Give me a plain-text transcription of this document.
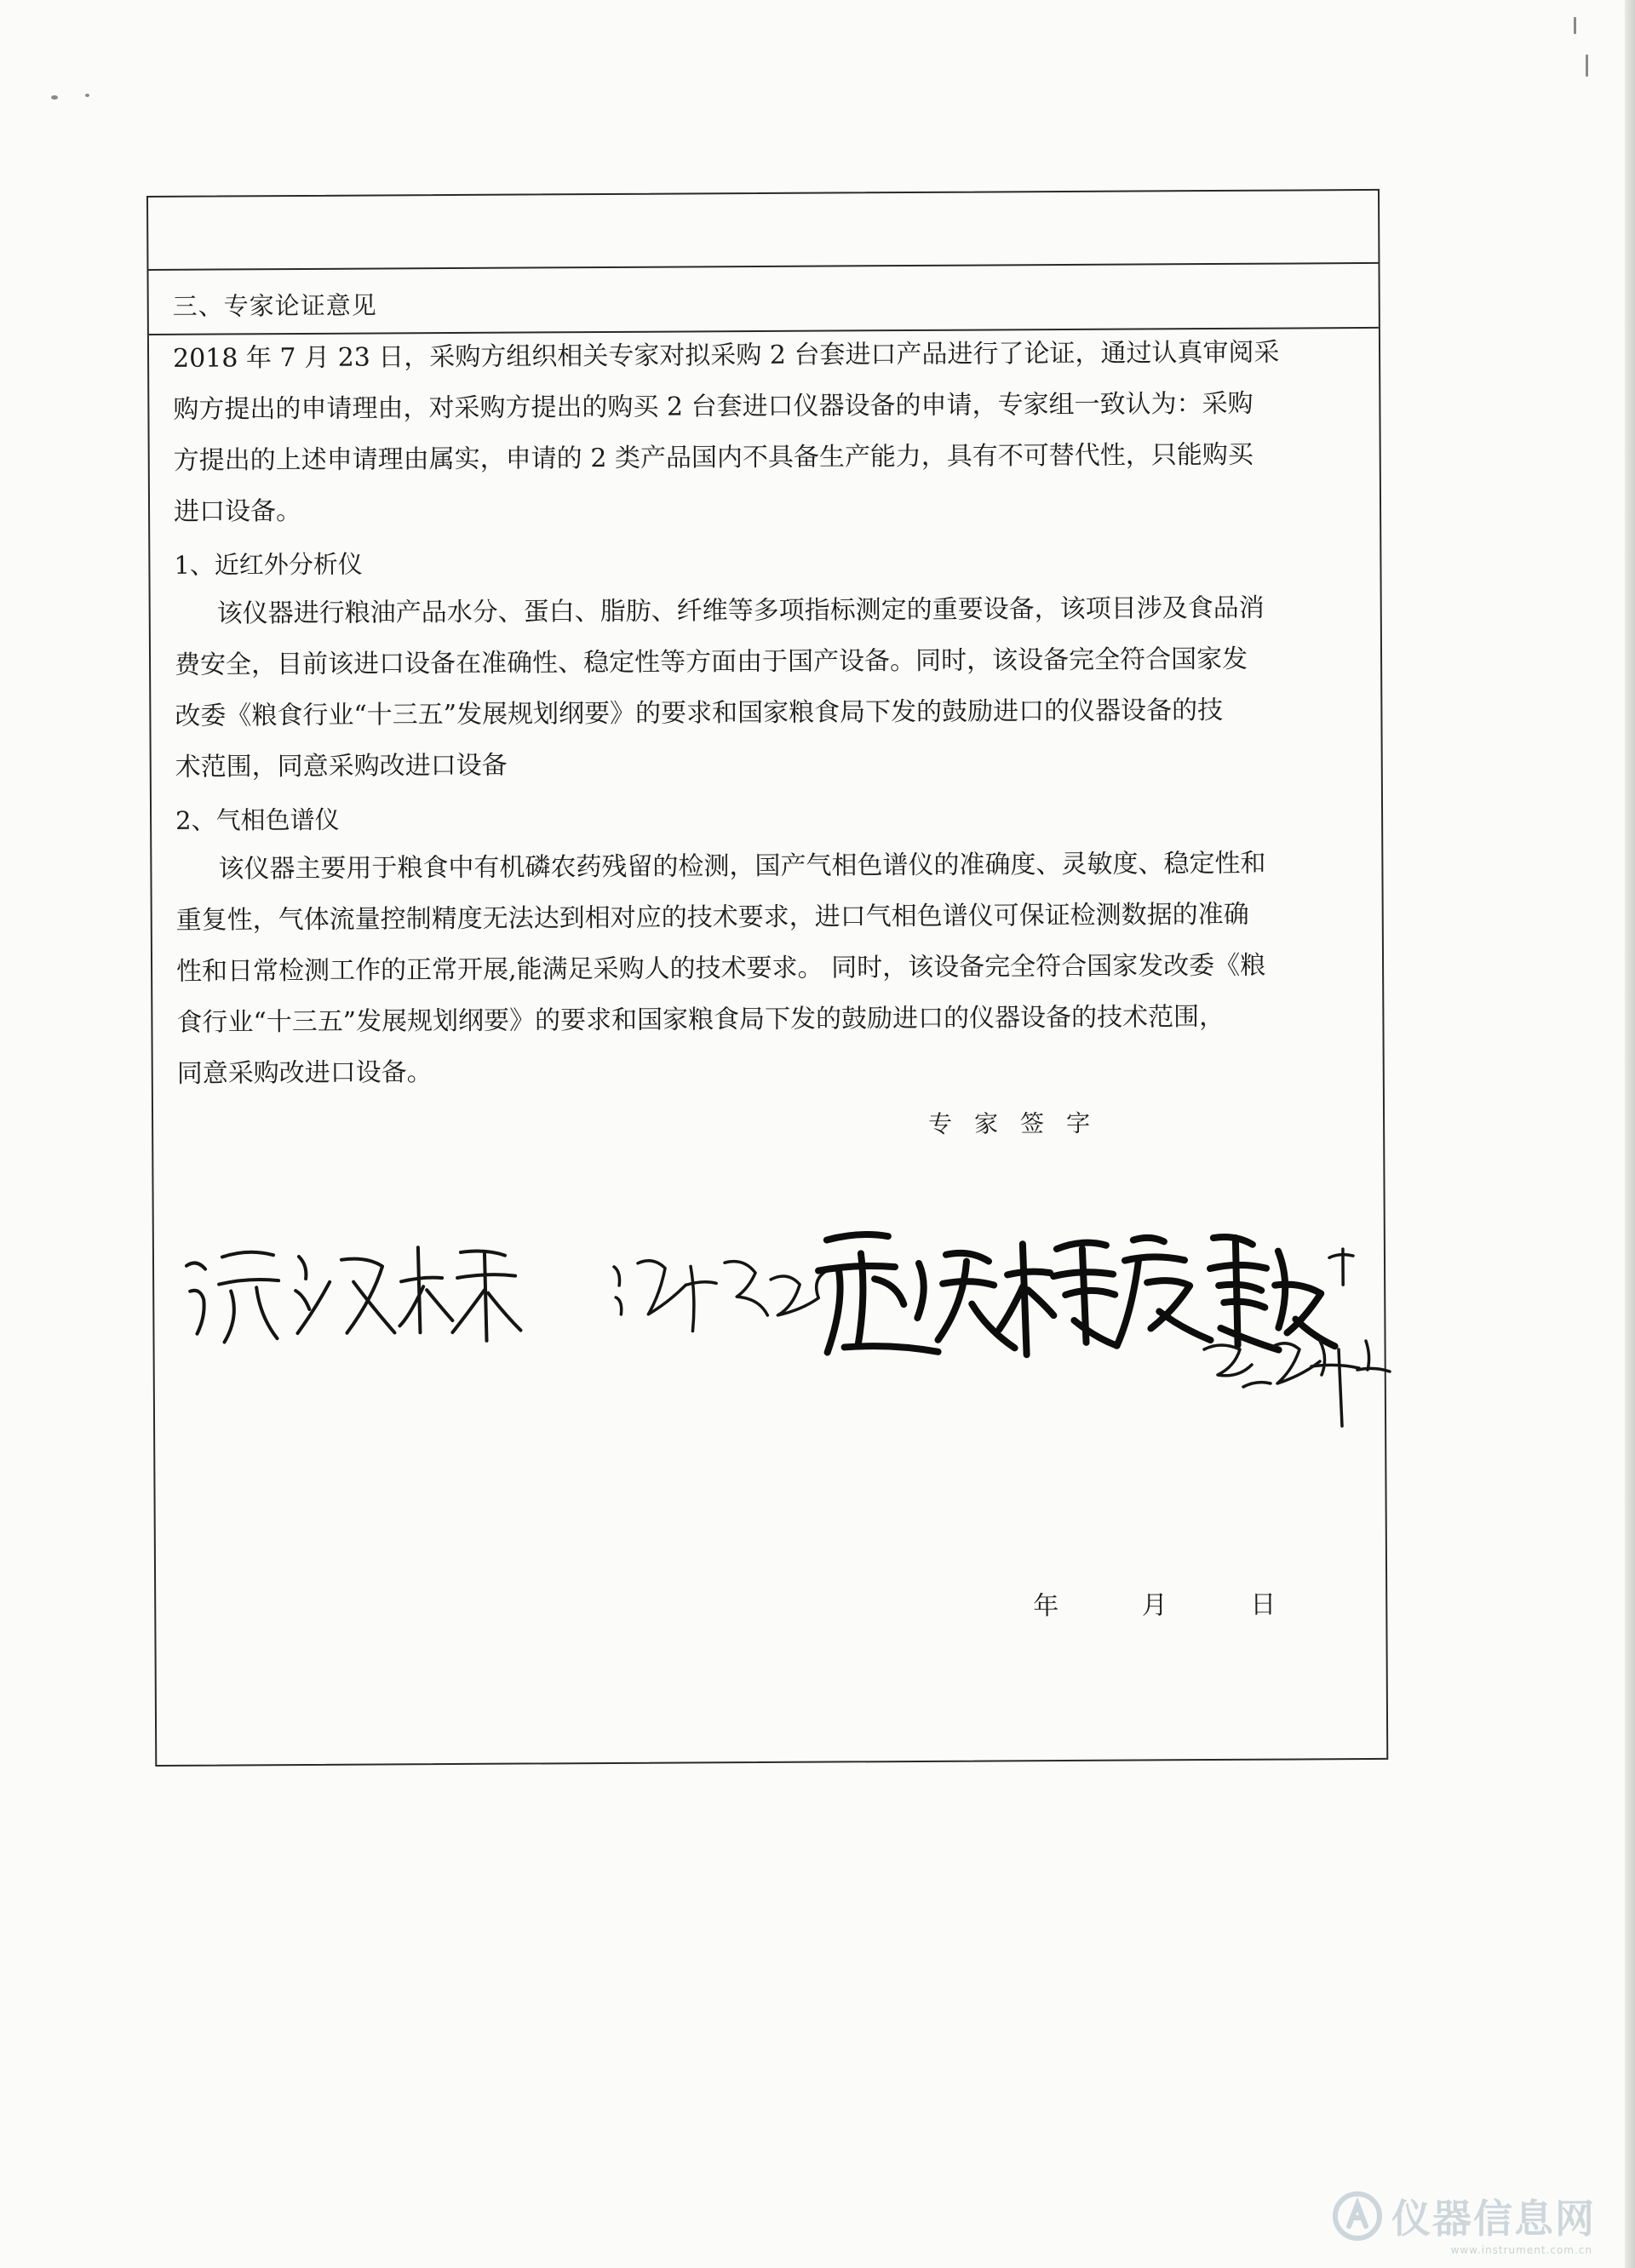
三、专家论证意见

2018 年 7 月 23 日，采购方组织相关专家对拟采购 2 台套进口产品进行了论证，通过认真审阅采
购方提出的申请理由，对采购方提出的购买 2 台套进口仪器设备的申请，专家组一致认为：采购
方提出的上述申请理由属实，申请的 2 类产品国内不具备生产能力，具有不可替代性，只能购买
进口设备。

1、近红外分析仪

该仪器进行粮油产品水分、蛋白、脂肪、纤维等多项指标测定的重要设备，该项目涉及食品消
费安全，目前该进口设备在准确性、稳定性等方面由于国产设备。同时，该设备完全符合国家发
改委《粮食行业“十三五”发展规划纲要》的要求和国家粮食局下发的鼓励进口的仪器设备的技
术范围，同意采购改进口设备

2、气相色谱仪

该仪器主要用于粮食中有机磷农药残留的检测，国产气相色谱仪的准确度、灵敏度、稳定性和
重复性，气体流量控制精度无法达到相对应的技术要求，进口气相色谱仪可保证检测数据的准确
性和日常检测工作的正常开展,能满足采购人的技术要求。 同时，该设备完全符合国家发改委《粮
食行业“十三五”发展规划纲要》的要求和国家粮食局下发的鼓励进口的仪器设备的技术范围，
同意采购改进口设备。

专家签字
年	月	日
仪器信息网
www.instrument.com.cn
